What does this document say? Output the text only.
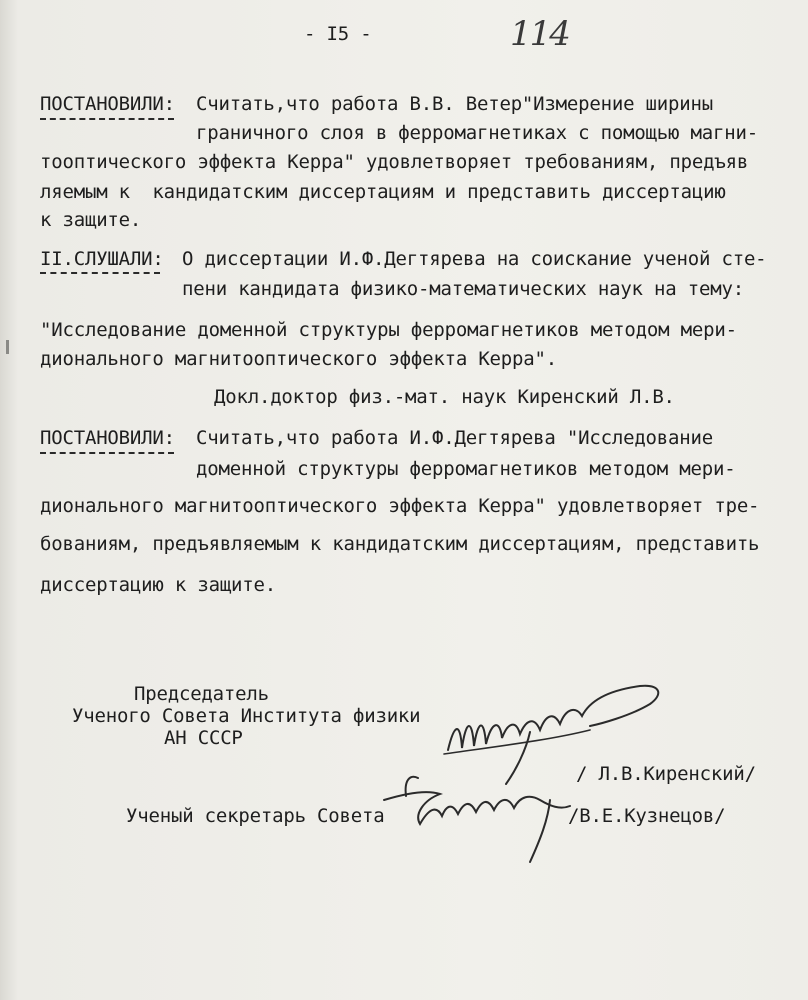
- I5 -	114
ПОСТАНОВИЛИ: Считать,что работа В.В. Ветер"Измерение ширины
граничного слоя в ферромагнетиках с помощью магни-
тооптического эффекта Керра" удовлетворяет требованиям, предъяв
ляемым к  кандидатским диссертациям и представить диссертацию
к защите.
II.СЛУШАЛИ: О диссертации И.Ф.Дегтярева на соискание ученой сте-
пени кандидата физико-математических наук на тему:
"Исследование доменной структуры ферромагнетиков методом мери-
дионального магнитооптического эффекта Керра".
Докл.доктор физ.-мат. наук Киренский Л.В.
ПОСТАНОВИЛИ: Считать,что работа И.Ф.Дегтярева "Исследование
доменной структуры ферромагнетиков методом мери-
дионального магнитооптического эффекта Керра" удовлетворяет тре-
бованиям, предъявляемым к кандидатским диссертациям, представить
диссертацию к защите.
Председатель
Ученого Совета Института физики
АН СССР
/ Л.В.Киренский/
Ученый секретарь Совета	/В.Е.Кузнецов/
